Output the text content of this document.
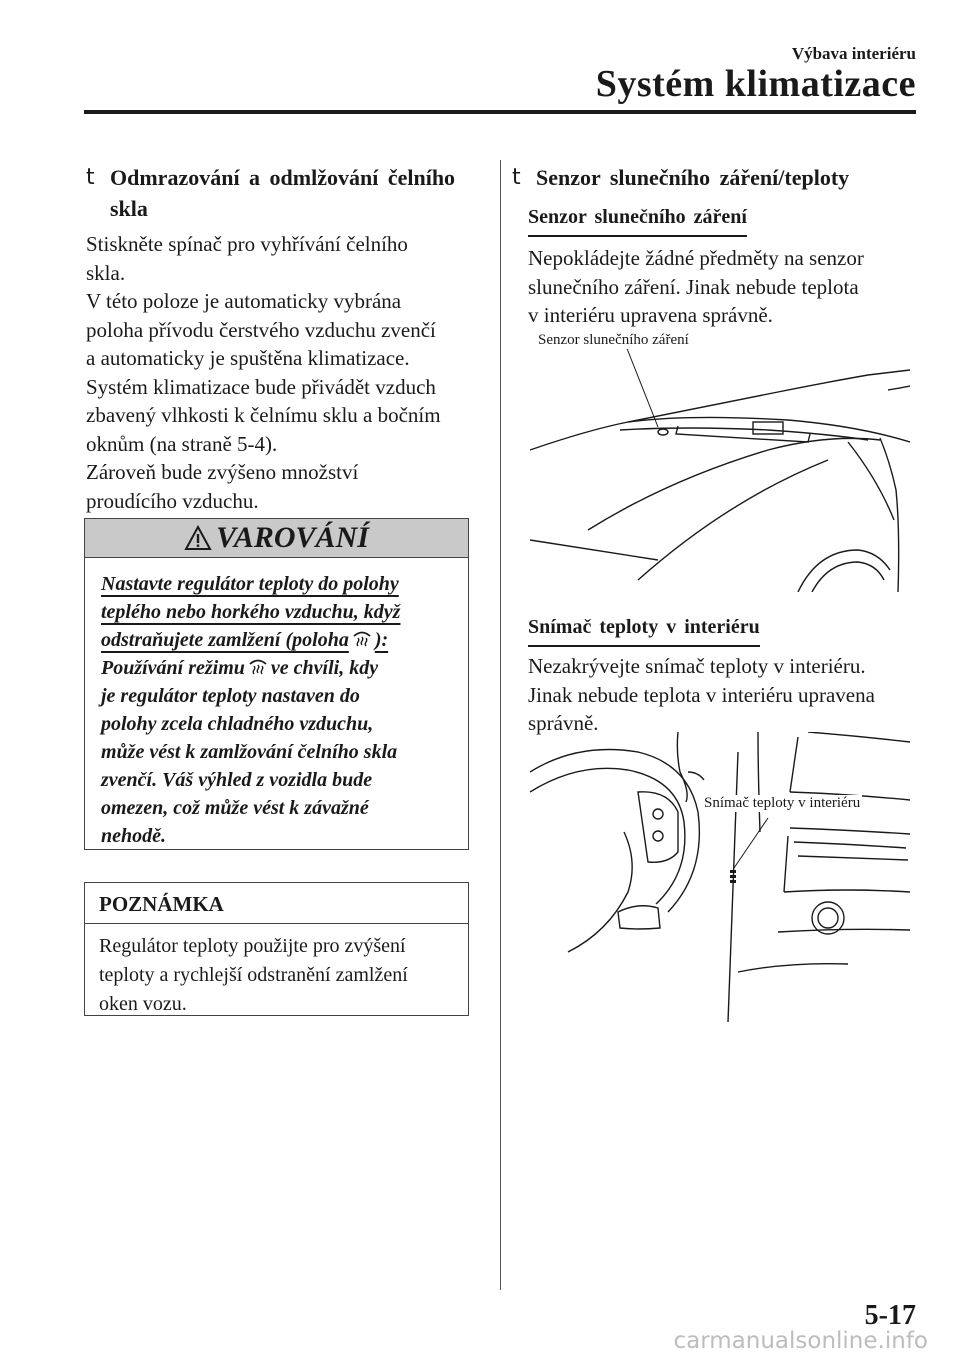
Výbava interiéru
Systém klimatizace
t Odmrazování a odmlžování čelního
skla
Stiskněte spínač pro vyhřívání čelního
skla.
V této poloze je automaticky vybrána
poloha přívodu čerstvého vzduchu zvenčí
a automaticky je spuštěna klimatizace.
Systém klimatizace bude přivádět vzduch
zbavený vlhkosti k čelnímu sklu a bočním
oknům (na straně 5-4).
Zároveň bude zvýšeno množství
proudícího vzduchu.
VAROVÁNÍ
Nastavte regulátor teploty do polohy
teplého nebo horkého vzduchu, když
odstraňujete zamlžení (poloha ):
Používání režimu ve chvíli, kdy
je regulátor teploty nastaven do
polohy zcela chladného vzduchu,
může vést k zamlžování čelního skla
zvenčí. Váš výhled z vozidla bude
omezen, což může vést k závažné
nehodě.
POZNÁMKA
Regulátor teploty použijte pro zvýšení
teploty a rychlejší odstranění zamlžení
oken vozu.
t Senzor slunečního záření/teploty
Senzor slunečního záření
Nepokládejte žádné předměty na senzor
slunečního záření. Jinak nebude teplota
v interiéru upravena správně.
Senzor slunečního záření
Snímač teploty v interiéru
Nezakrývejte snímač teploty v interiéru.
Jinak nebude teplota v interiéru upravena
správně.
Snímač teploty v interiéru
5-17
carmanualsonline.info
